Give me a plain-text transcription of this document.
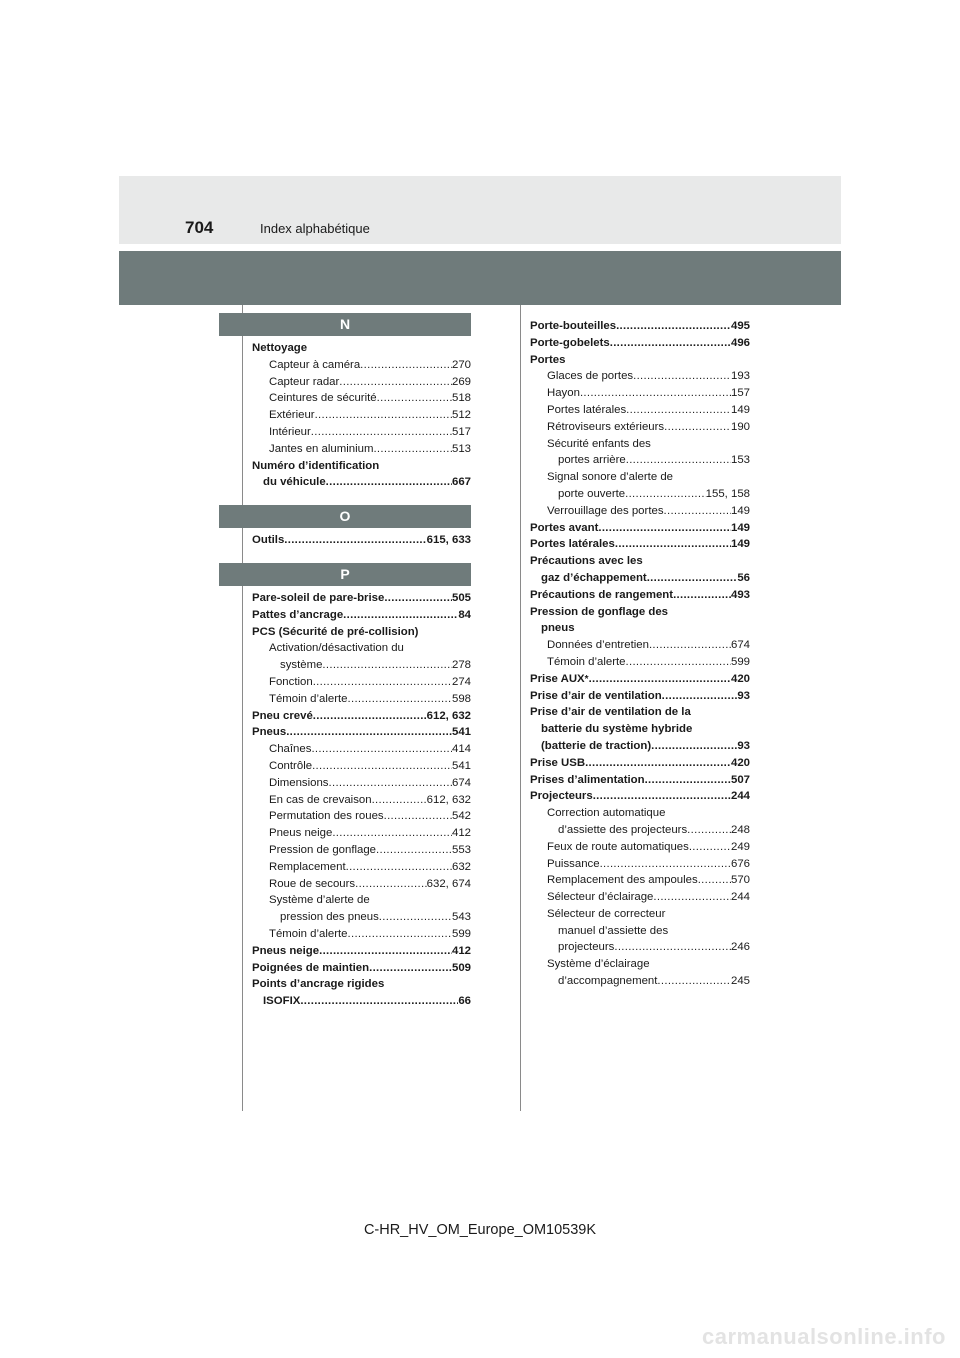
704	Index alphabétique
N
Nettoyage
Capteur à caméra .....	270
Capteur radar .....	269
Ceintures de sécurité .....	518
Extérieur .....	512
Intérieur .....	517
Jantes en aluminium .....	513
Numéro d’identification
du véhicule .....	667
O
Outils .....	615, 633
P
Pare-soleil de pare-brise .....	505
Pattes d’ancrage .....	84
PCS (Sécurité de pré-collision)
Activation/désactivation du
système .....	278
Fonction .....	274
Témoin d’alerte .....	598
Pneu crevé .....	612, 632
Pneus .....	541
Chaînes .....	414
Contrôle .....	541
Dimensions .....	674
En cas de crevaison .....	612, 632
Permutation des roues .....	542
Pneus neige .....	412
Pression de gonflage .....	553
Remplacement .....	632
Roue de secours .....	632, 674
Système d’alerte de
pression des pneus .....	543
Témoin d’alerte .....	599
Pneus neige .....	412
Poignées de maintien .....	509
Points d’ancrage rigides
ISOFIX .....	66
Porte-bouteilles .....	495
Porte-gobelets .....	496
Portes
Glaces de portes .....	193
Hayon .....	157
Portes latérales .....	149
Rétroviseurs extérieurs .....	190
Sécurité enfants des
portes arrière .....	153
Signal sonore d’alerte de
porte ouverte .....	155, 158
Verrouillage des portes .....	149
Portes avant .....	149
Portes latérales .....	149
Précautions avec les
gaz d’échappement .....	56
Précautions de rangement .....	493
Pression de gonflage des
pneus
Données d’entretien .....	674
Témoin d’alerte .....	599
Prise AUX * .....	420
Prise d’air de ventilation .....	93
Prise d’air de ventilation de la
batterie du système hybride
(batterie de traction) .....	93
Prise USB .....	420
Prises d’alimentation .....	507
Projecteurs .....	244
Correction automatique
d’assiette des projecteurs .....	248
Feux de route automatiques .....	249
Puissance .....	676
Remplacement des ampoules .....	570
Sélecteur d’éclairage .....	244
Sélecteur de correcteur
manuel d’assiette des
projecteurs .....	246
Système d’éclairage
d’accompagnement .....	245
C-HR_HV_OM_Europe_OM10539K
carmanualsonline.info
